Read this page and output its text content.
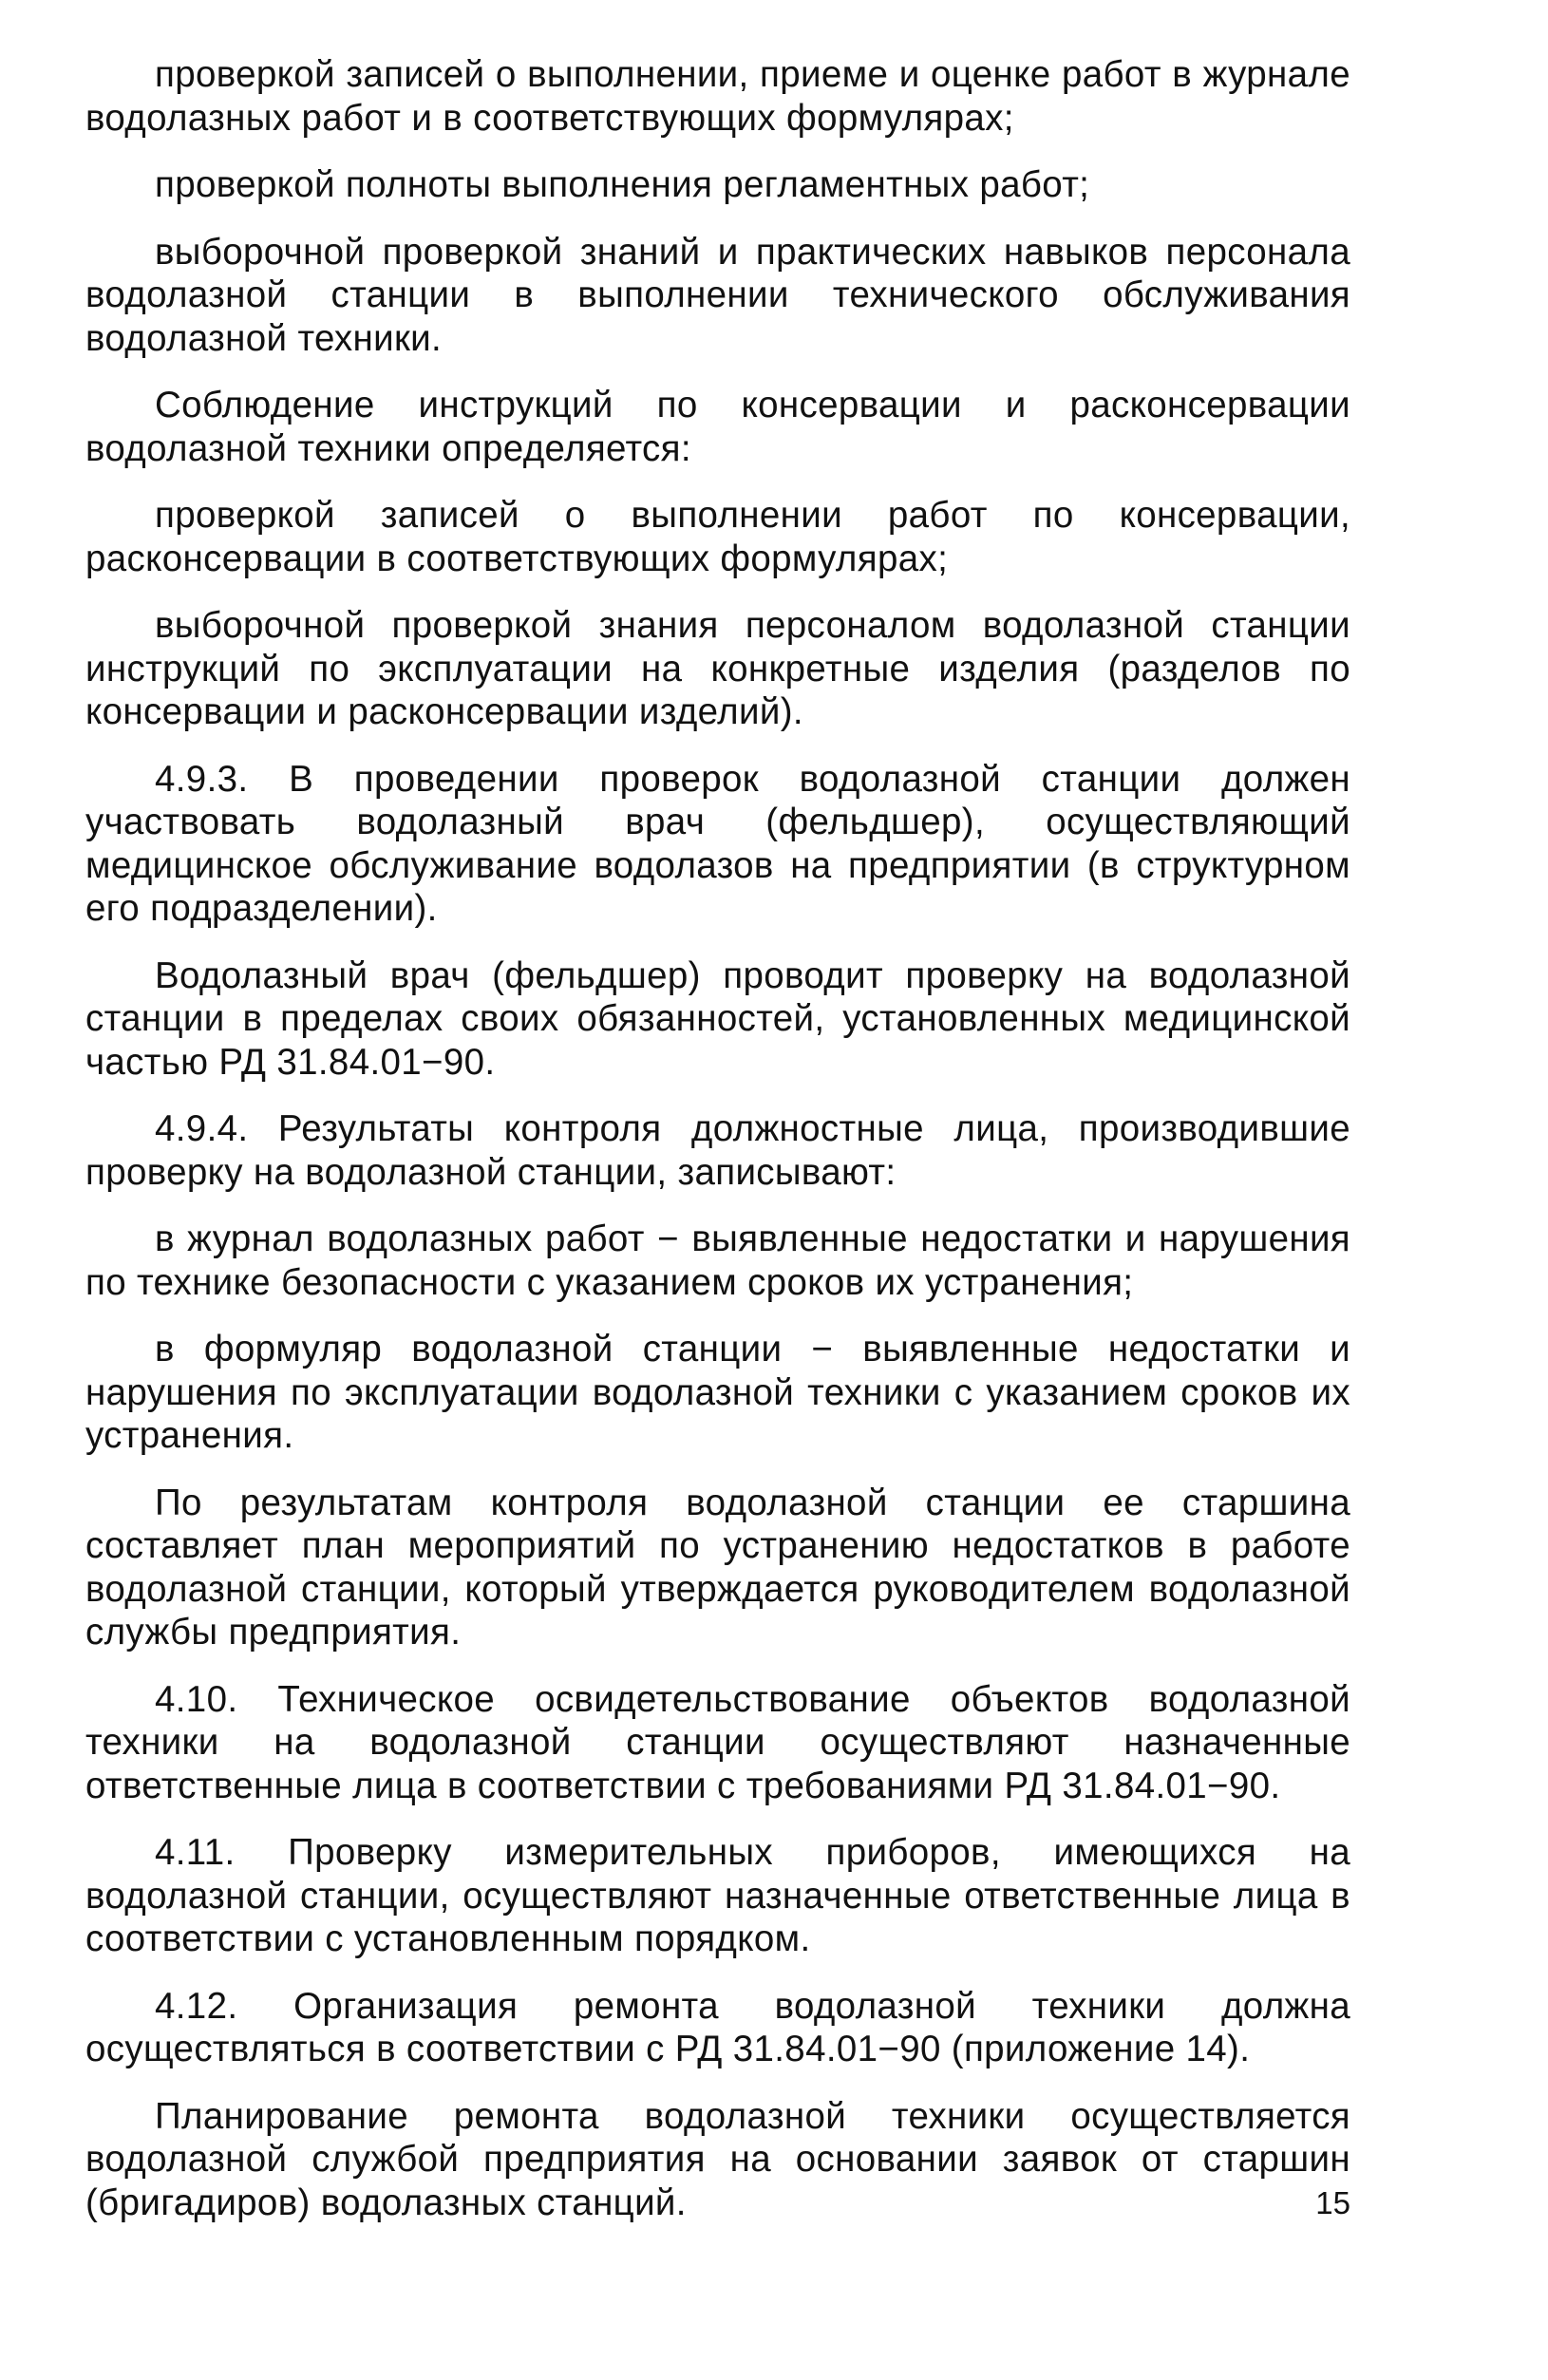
проверкой записей о выполнении, приеме и оценке работ в журнале водолазных работ и в соответствующих формулярах;

проверкой полноты выполнения регламентных работ;

выборочной проверкой знаний и практических навыков персонала водолазной станции в выполнении технического обслуживания водолазной техники.

Соблюдение инструкций по консервации и расконсервации водолазной техники определяется:

проверкой записей о выполнении работ по консервации, расконсервации в соответствующих формулярах;

выборочной проверкой знания персоналом водолазной станции инструкций по эксплуатации на конкретные изделия (разделов по консервации и расконсервации изделий).

4.9.3. В проведении проверок водолазной станции должен участвовать водолазный врач (фельдшер), осуществляющий медицинское обслуживание водолазов на предприятии (в структурном его подразделении).

Водолазный врач (фельдшер) проводит проверку на водолазной станции в пределах своих обязанностей, установленных медицинской частью РД 31.84.01−90.

4.9.4. Результаты контроля должностные лица, производившие проверку на водолазной станции, записывают:

в журнал водолазных работ − выявленные недостатки и нарушения по технике безопасности с указанием сроков их устранения;

в формуляр водолазной станции − выявленные недостатки и нарушения по эксплуатации водолазной техники с указанием сроков их устранения.

По результатам контроля водолазной станции ее старшина составляет план мероприятий по устранению недостатков в работе водолазной станции, который утверждается руководителем водолазной службы предприятия.

4.10. Техническое освидетельствование объектов водолазной техники на водолазной станции осуществляют назначенные ответственные лица в соответствии с требованиями РД 31.84.01−90.

4.11. Проверку измерительных приборов, имеющихся на водолазной станции, осуществляют назначенные ответственные лица в соответствии с установленным порядком.

4.12. Организация ремонта водолазной техники должна осуществляться в соответствии с РД 31.84.01−90 (приложение 14).

Планирование ремонта водолазной техники осуществляется водолазной службой предприятия на основании заявок от старшин (бригадиров) водолазных станций.	15
